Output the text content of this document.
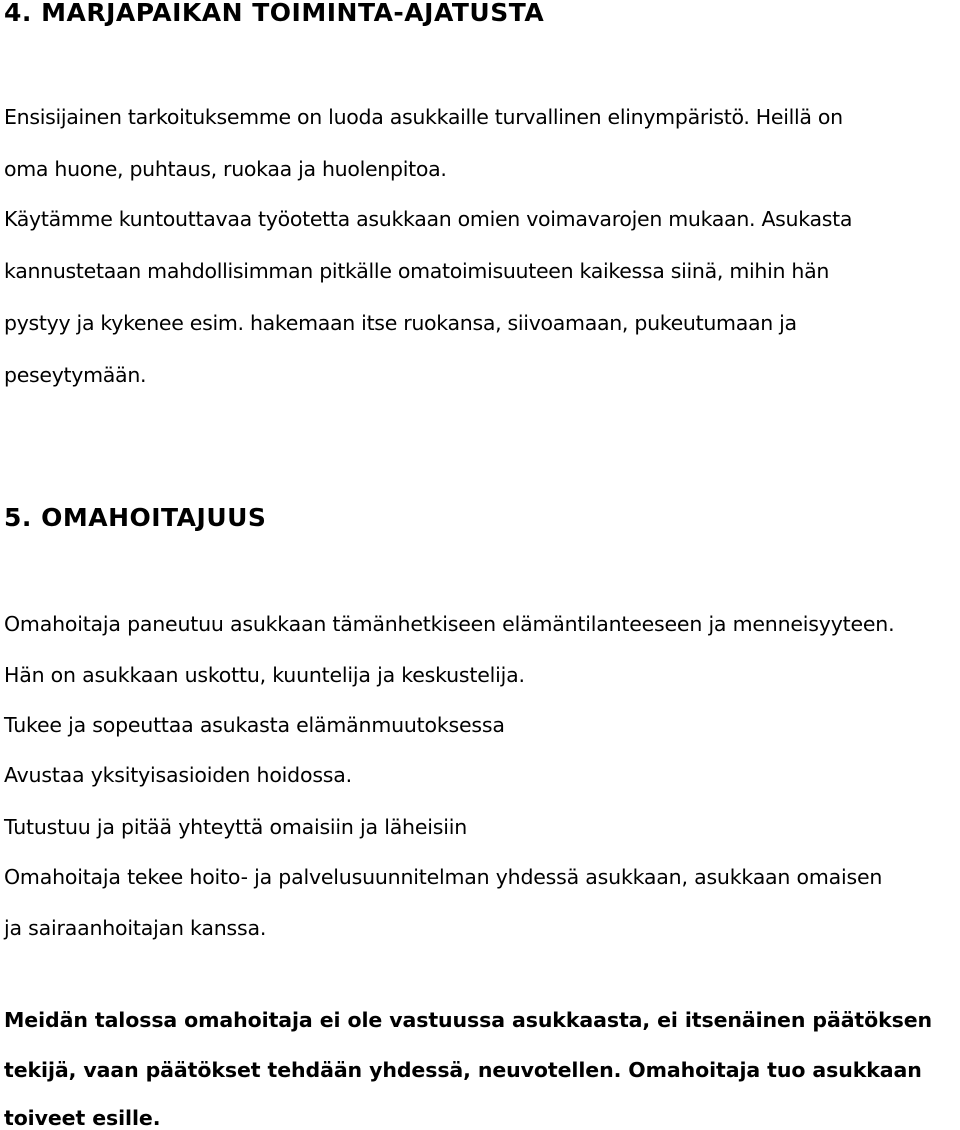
4. MARJAPAIKAN TOIMINTA-AJATUSTA
Ensisijainen tarkoituksemme on luoda asukkaille turvallinen elinympäristö. Heillä on
oma huone, puhtaus, ruokaa ja huolenpitoa.
Käytämme kuntouttavaa työotetta asukkaan omien voimavarojen mukaan. Asukasta
kannustetaan mahdollisimman pitkälle omatoimisuuteen kaikessa siinä, mihin hän
pystyy ja kykenee esim. hakemaan itse ruokansa, siivoamaan, pukeutumaan ja
peseytymään.
5. OMAHOITAJUUS
Omahoitaja paneutuu asukkaan tämänhetkiseen elämäntilanteeseen ja menneisyyteen.
Hän on asukkaan uskottu, kuuntelija ja keskustelija.
Tukee ja sopeuttaa asukasta elämänmuutoksessa
Avustaa yksityisasioiden hoidossa.
Tutustuu ja pitää yhteyttä omaisiin ja läheisiin
Omahoitaja tekee hoito- ja palvelusuunnitelman yhdessä asukkaan, asukkaan omaisen
ja sairaanhoitajan kanssa.
Meidän talossa omahoitaja ei ole vastuussa asukkaasta, ei itsenäinen päätöksen
tekijä, vaan päätökset tehdään yhdessä, neuvotellen. Omahoitaja tuo asukkaan
toiveet esille.
